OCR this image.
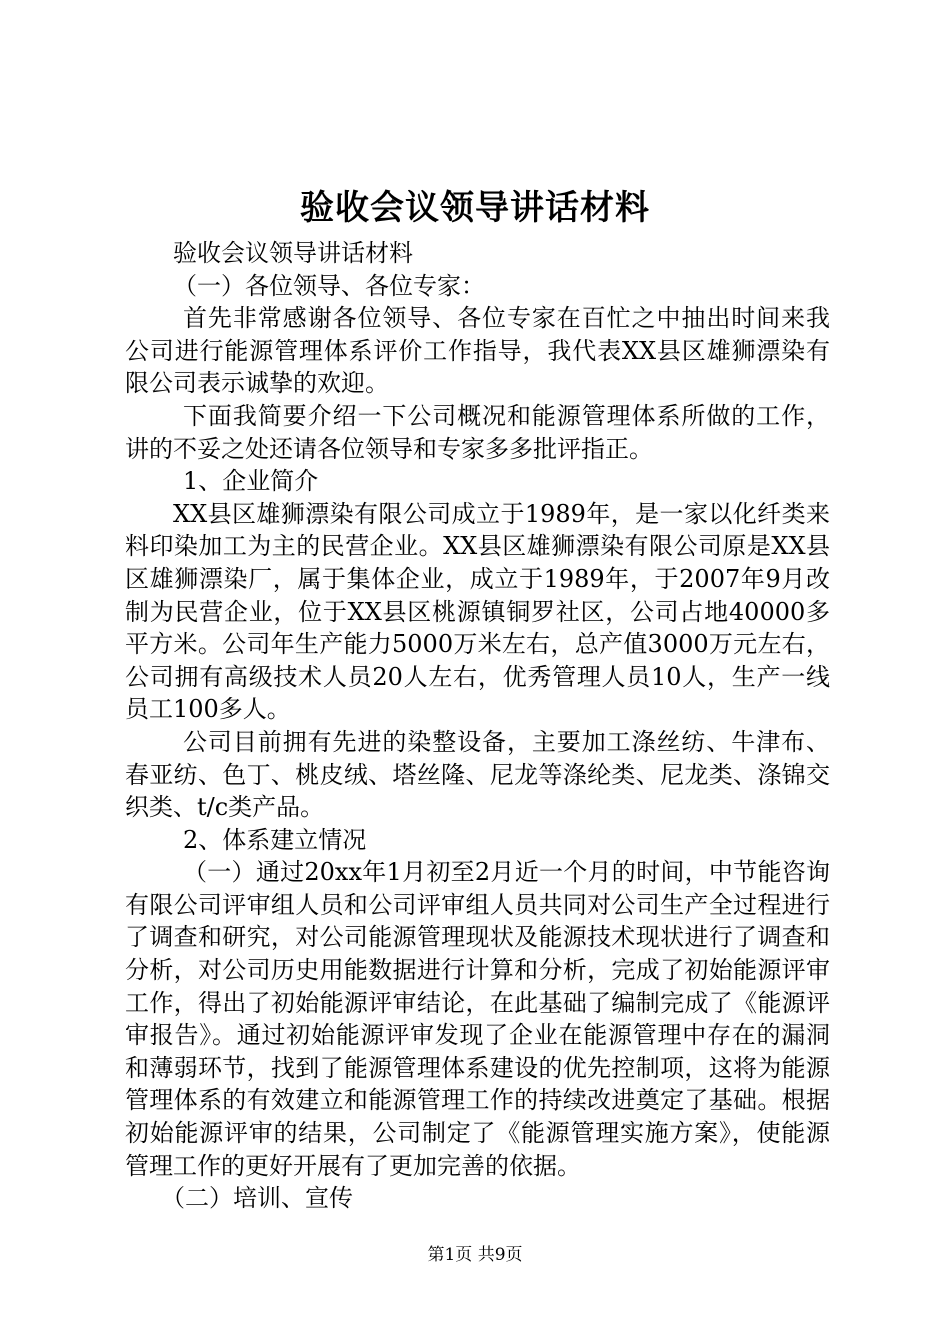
验收会议领导讲话材料

验收会议领导讲话材料

（一）各位领导、各位专家：

首先非常感谢各位领导、各位专家在百忙之中抽出时间来我公司进行能源管理体系评价工作指导，我代表XX县区雄狮漂染有限公司表示诚挚的欢迎。

下面我简要介绍一下公司概况和能源管理体系所做的工作，讲的不妥之处还请各位领导和专家多多批评指正。

1、企业简介

XX县区雄狮漂染有限公司成立于1989年，是一家以化纤类来料印染加工为主的民营企业。XX县区雄狮漂染有限公司原是XX县区雄狮漂染厂，属于集体企业，成立于1989年，于2007年9月改制为民营企业，位于XX县区桃源镇铜罗社区，公司占地40000多平方米。公司年生产能力5000万米左右，总产值3000万元左右，公司拥有高级技术人员20人左右，优秀管理人员10人，生产一线员工100多人。

公司目前拥有先进的染整设备，主要加工涤丝纺、牛津布、春亚纺、色丁、桃皮绒、塔丝隆、尼龙等涤纶类、尼龙类、涤锦交织类、t/c类产品。

2、体系建立情况

（一）通过20xx年1月初至2月近一个月的时间，中节能咨询有限公司评审组人员和公司评审组人员共同对公司生产全过程进行了调查和研究，对公司能源管理现状及能源技术现状进行了调查和分析，对公司历史用能数据进行计算和分析，完成了初始能源评审工作，得出了初始能源评审结论，在此基础了编制完成了《能源评审报告》。通过初始能源评审发现了企业在能源管理中存在的漏洞和薄弱环节，找到了能源管理体系建设的优先控制项，这将为能源管理体系的有效建立和能源管理工作的持续改进奠定了基础。根据初始能源评审的结果，公司制定了《能源管理实施方案》，使能源管理工作的更好开展有了更加完善的依据。

（二）培训、宣传

第1页 共9页
